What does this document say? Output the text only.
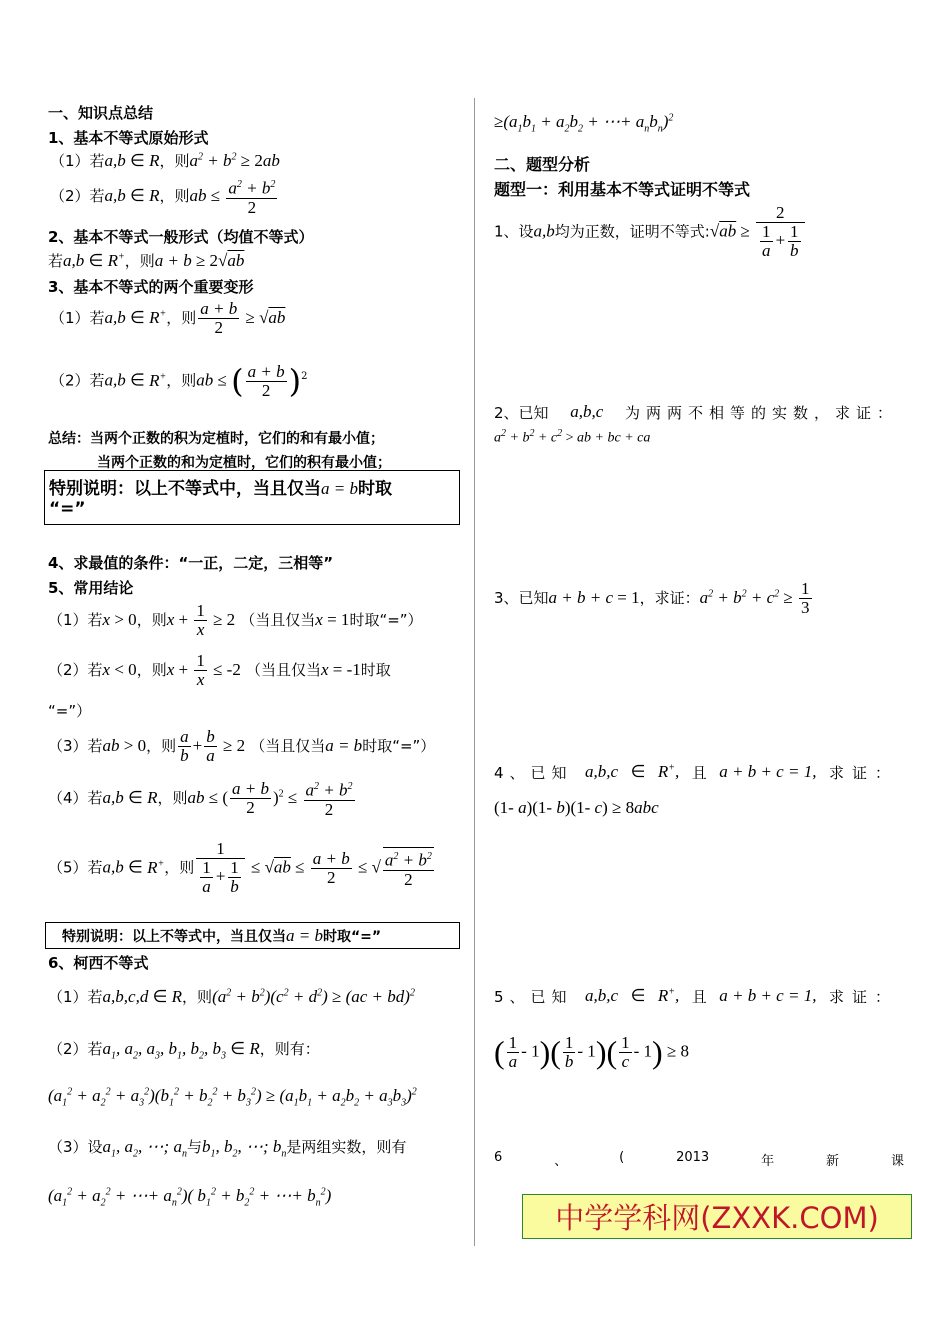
一、知识点总结
1、基本不等式原始形式
（1）若a,b ∈ R，则$a^2 + b^2 \ge 2ab$
（2）若a,b ∈ R，则ab ≤ $\frac{a^2 + b^2}{2}$
2、基本不等式一般形式（均值不等式）
若a,b ∈ R+，则a + b ≥ 2√ab
3、基本不等式的两个重要变形
（1）若a,b ∈ R+，则 $\frac{a + b}{2} \ge √ab$
（2）若a,b ∈ R+，则ab ≤ ( $\frac{a + b}{2} )^2$
总结：当两个正数的积为定植时，它们的和有最小值；
当两个正数的和为定植时，它们的积有最小值；
特别说明：以上不等式中，当且仅当a = b时取
“=”
4、求最值的条件：“一正，二定，三相等”
5、常用结论
（1）若x > 0，则$x + \frac{1}{x} \ge 2$ （当且仅当x = 1时取“=”）
（2）若x < 0，则$x + \frac{1}{x} \le -2$ （当且仅当x = -1时取
“=”）
（3）若ab > 0，则 $\frac{a}{b} + \frac{b}{a} \ge 2$ （当且仅当a = b时取“=”）
（4）若a,b ∈ R，则ab ≤ ( $\frac{a + b}{2} )^2 \le \frac{a^2 + b^2}{2}$
（5）若a,b ∈ R+，则 $\frac{1}{\frac{1}{a} + \frac{1}{b}} \le √ab \le \frac{a + b}{2}$ ≤ √ $\frac{a^2 + b^2}{2}$
特别说明：以上不等式中，当且仅当a = b时取“=”
6、柯西不等式
（1）若a,b,c,d ∈ R，则$(a^2 + b^2)(c^2 + d^2) \ge (ac + bd)^2$
（2）若$a_1$, $a_2$, $a_3$, $b_1$, $b_2$, $b_3$ ∈ R，则有：
$(a_1^2 + a_2^2 + a_3^2)(b_1^2 + b_2^2 + b_3^2) \ge (a_1b_1 + a_2b_2 + a_3b_3)^2$
（3）设$a_1$, $a_2$, ⋯; $a_n$与$b_1$, $b_2$, ⋯; $b_n$是两组实数，则有
($a_1^2 + a_2^2$ + ⋯+ $a_n^2$)( $b_1^2 + b_2^2$ + ⋯+ $b_n^2$)
$\ge(a_1b_1 + a_2b_2$ + ⋯+ $a_nb_n)^2$
二、题型分析
题型一：利用基本不等式证明不等式
1、设a,b均为正数，证明不等式:√ab ≥ $\frac{2}{\frac{1}{a} + \frac{1}{b}}$
2、已知 a,b,c 为两两不相等的实数，求证：
$a^2 + b^2 + c^2$ > ab + bc + ca
3、已知a + b + c = 1，求证：$a^2 + b^2 + c^2 \ge \frac{1}{3}$
4、已知 a,b,c ∈ R+, 且 a + b + c = 1, 求证：
(1- a)(1- b)(1- c) ≥ 8abc
5、已知 a,b,c ∈ R+, 且 a + b + c = 1, 求证：
( $\frac{1}{a} - 1)( \frac{1}{b} - 1)( \frac{1}{c} - 1) \ge 8$
6	、	(	2013	年	新	课
中学学科网(ZXXK.COM)
